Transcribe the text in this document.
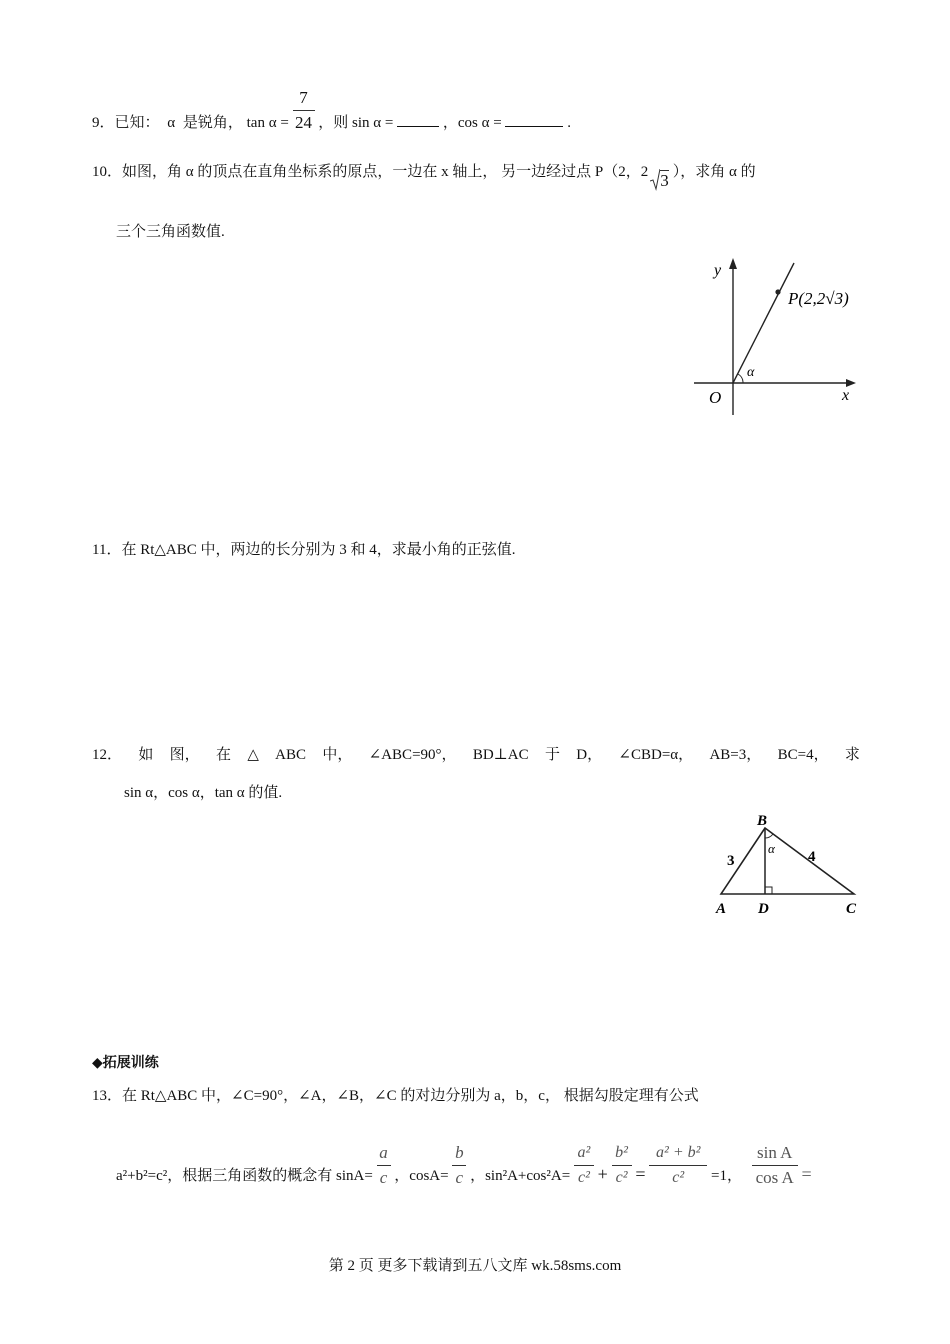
9．已知： α 是锐角， $\tan \alpha = \frac{7}{24}$ ，则 sin α =	，cos α =	.
10．如图，角 α 的顶点在直角坐标系的原点，一边在 x 轴上， 另一边经过点 P（2，2 3 ），求角 α 的
三个三角函数值.
y
x
O
P(2,2√3)
α
11．在 Rt△ABC 中，两边的长分别为 3 和 4，求最小角的正弦值.
12． 如 图， 在 △ ABC 中， ∠ABC=90°， BD⊥AC 于 D， ∠CBD=α， AB=3， BC=4， 求
sin α，cos α，tan α 的值.
B
A D	C
α
3	4
◆拓展训练
13．在 Rt△ABC 中，∠C=90°，∠A，∠B，∠C 的对边分别为 a，b，c， 根据勾股定理有公式
a²+b²=c²，根据三角函数的概念有 $\sin A= \frac{a}{c}$ ，$\cos A= \frac{b}{c}$ ，$\sin^2A+\cos^2A= \frac{\text{a²}}{\text{c²}} + \frac{\text{b²}}{\text{c²}} = \frac{\text{a² + b²}}{\text{c²}} =1$， $\frac{\text{sin A}}{\text{cos A}}$ =
第 2 页 更多下载请到五八文库 wk.58sms.com
